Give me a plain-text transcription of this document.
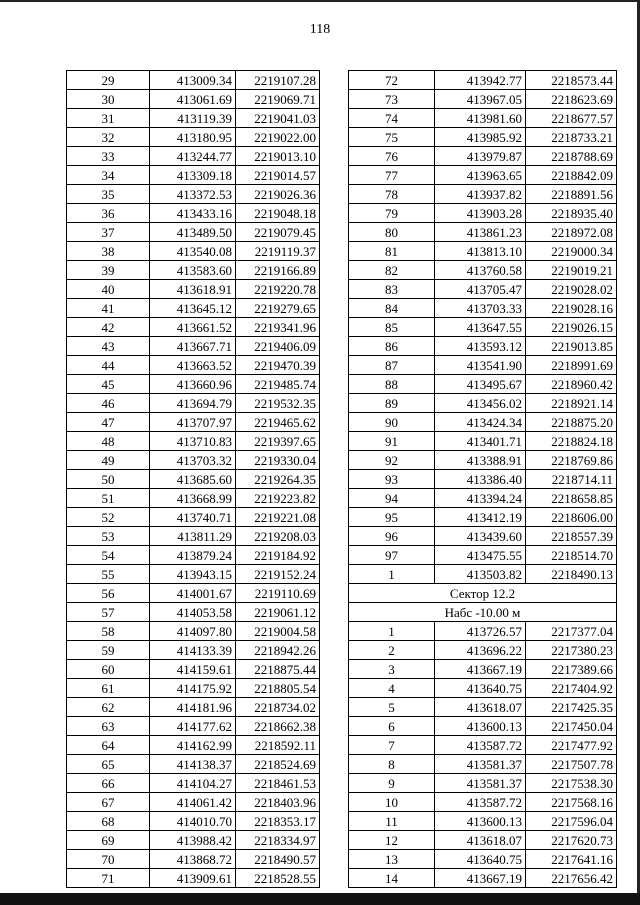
118
29	413009.34	2219107.28
30	413061.69	2219069.71
31	413119.39	2219041.03
32	413180.95	2219022.00
33	413244.77	2219013.10
34	413309.18	2219014.57
35	413372.53	2219026.36
36	413433.16	2219048.18
37	413489.50	2219079.45
38	413540.08	2219119.37
39	413583.60	2219166.89
40	413618.91	2219220.78
41	413645.12	2219279.65
42	413661.52	2219341.96
43	413667.71	2219406.09
44	413663.52	2219470.39
45	413660.96	2219485.74
46	413694.79	2219532.35
47	413707.97	2219465.62
48	413710.83	2219397.65
49	413703.32	2219330.04
50	413685.60	2219264.35
51	413668.99	2219223.82
52	413740.71	2219221.08
53	413811.29	2219208.03
54	413879.24	2219184.92
55	413943.15	2219152.24
56	414001.67	2219110.69
57	414053.58	2219061.12
58	414097.80	2219004.58
59	414133.39	2218942.26
60	414159.61	2218875.44
61	414175.92	2218805.54
62	414181.96	2218734.02
63	414177.62	2218662.38
64	414162.99	2218592.11
65	414138.37	2218524.69
66	414104.27	2218461.53
67	414061.42	2218403.96
68	414010.70	2218353.17
69	413988.42	2218334.97
70	413868.72	2218490.57
71	413909.61	2218528.55
72	413942.77	2218573.44
73	413967.05	2218623.69
74	413981.60	2218677.57
75	413985.92	2218733.21
76	413979.87	2218788.69
77	413963.65	2218842.09
78	413937.82	2218891.56
79	413903.28	2218935.40
80	413861.23	2218972.08
81	413813.10	2219000.34
82	413760.58	2219019.21
83	413705.47	2219028.02
84	413703.33	2219028.16
85	413647.55	2219026.15
86	413593.12	2219013.85
87	413541.90	2218991.69
88	413495.67	2218960.42
89	413456.02	2218921.14
90	413424.34	2218875.20
91	413401.71	2218824.18
92	413388.91	2218769.86
93	413386.40	2218714.11
94	413394.24	2218658.85
95	413412.19	2218606.00
96	413439.60	2218557.39
97	413475.55	2218514.70
1	413503.82	2218490.13
Сектор 12.2		
Набс -10.00 м		
1	413726.57	2217377.04
2	413696.22	2217380.23
3	413667.19	2217389.66
4	413640.75	2217404.92
5	413618.07	2217425.35
6	413600.13	2217450.04
7	413587.72	2217477.92
8	413581.37	2217507.78
9	413581.37	2217538.30
10	413587.72	2217568.16
11	413600.13	2217596.04
12	413618.07	2217620.73
13	413640.75	2217641.16
14	413667.19	2217656.42
